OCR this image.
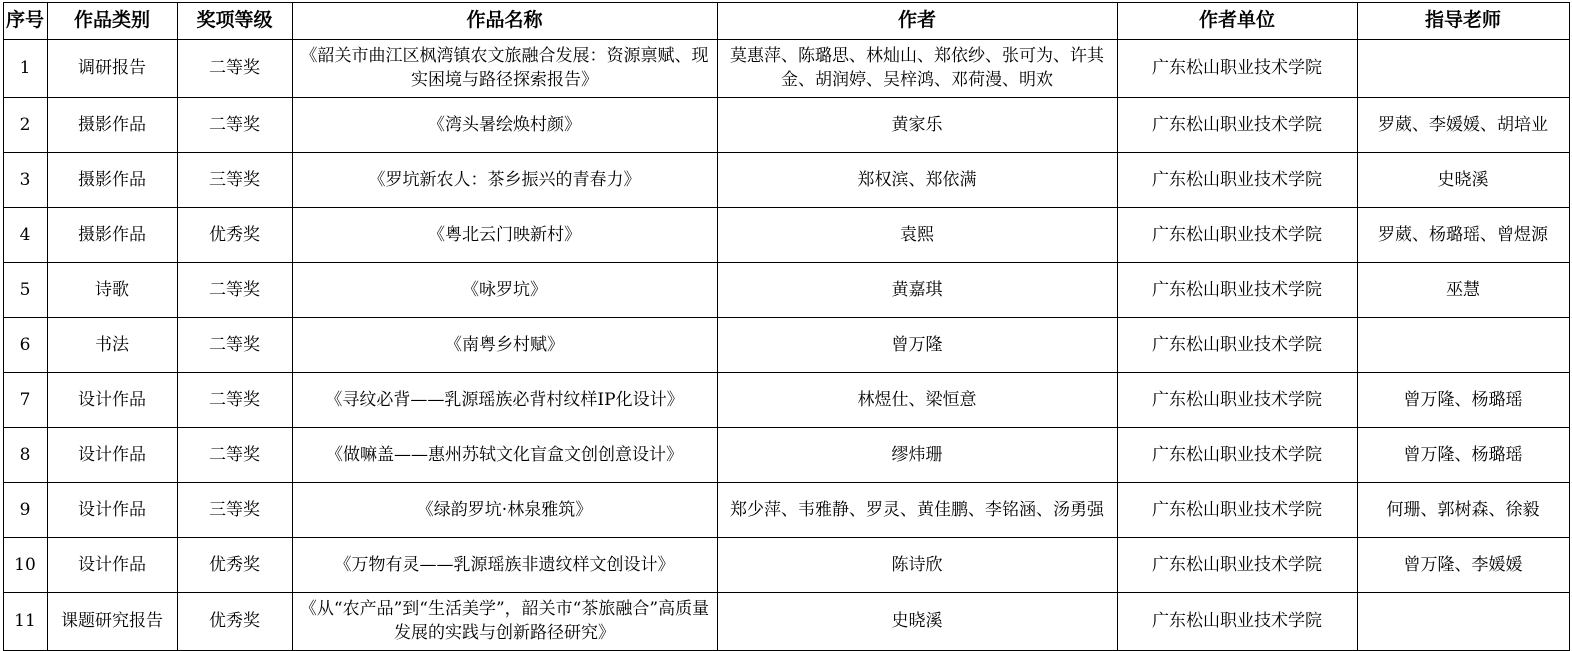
序号	作品类别	奖项等级	作品名称	作者	作者单位	指导老师
1	调研报告	二等奖	《韶关市曲江区枫湾镇农文旅融合发展：资源禀赋、现实困境与路径探索报告》	莫惠萍、陈璐思、林灿山、郑依纱、张可为、许其金、胡润婷、吴梓鸿、邓荷漫、明欢	广东松山职业技术学院	
2	摄影作品	二等奖	《湾头暑绘焕村颜》	黄家乐	广东松山职业技术学院	罗葳、李媛媛、胡培业
3	摄影作品	三等奖	《罗坑新农人：茶乡振兴的青春力》	郑权滨、郑依满	广东松山职业技术学院	史晓溪
4	摄影作品	优秀奖	《粤北云门映新村》	袁熙	广东松山职业技术学院	罗葳、杨璐瑶、曾煜源
5	诗歌	二等奖	《咏罗坑》	黄嘉琪	广东松山职业技术学院	巫慧
6	书法	二等奖	《南粤乡村赋》	曾万隆	广东松山职业技术学院	
7	设计作品	二等奖	《寻纹必背——乳源瑶族必背村纹样IP化设计》	林煜仕、梁恒意	广东松山职业技术学院	曾万隆、杨璐瑶
8	设计作品	二等奖	《做嘛盖——惠州苏轼文化盲盒文创创意设计》	缪炜珊	广东松山职业技术学院	曾万隆、杨璐瑶
9	设计作品	三等奖	《绿韵罗坑·林泉雅筑》	郑少萍、韦雅静、罗灵、黄佳鹏、李铭涵、汤勇强	广东松山职业技术学院	何珊、郭树森、徐毅
10	设计作品	优秀奖	《万物有灵——乳源瑶族非遗纹样文创设计》	陈诗欣	广东松山职业技术学院	曾万隆、李媛媛
11	课题研究报告	优秀奖	《从“农产品”到“生活美学”，韶关市“茶旅融合”高质量发展的实践与创新路径研究》	史晓溪	广东松山职业技术学院	
